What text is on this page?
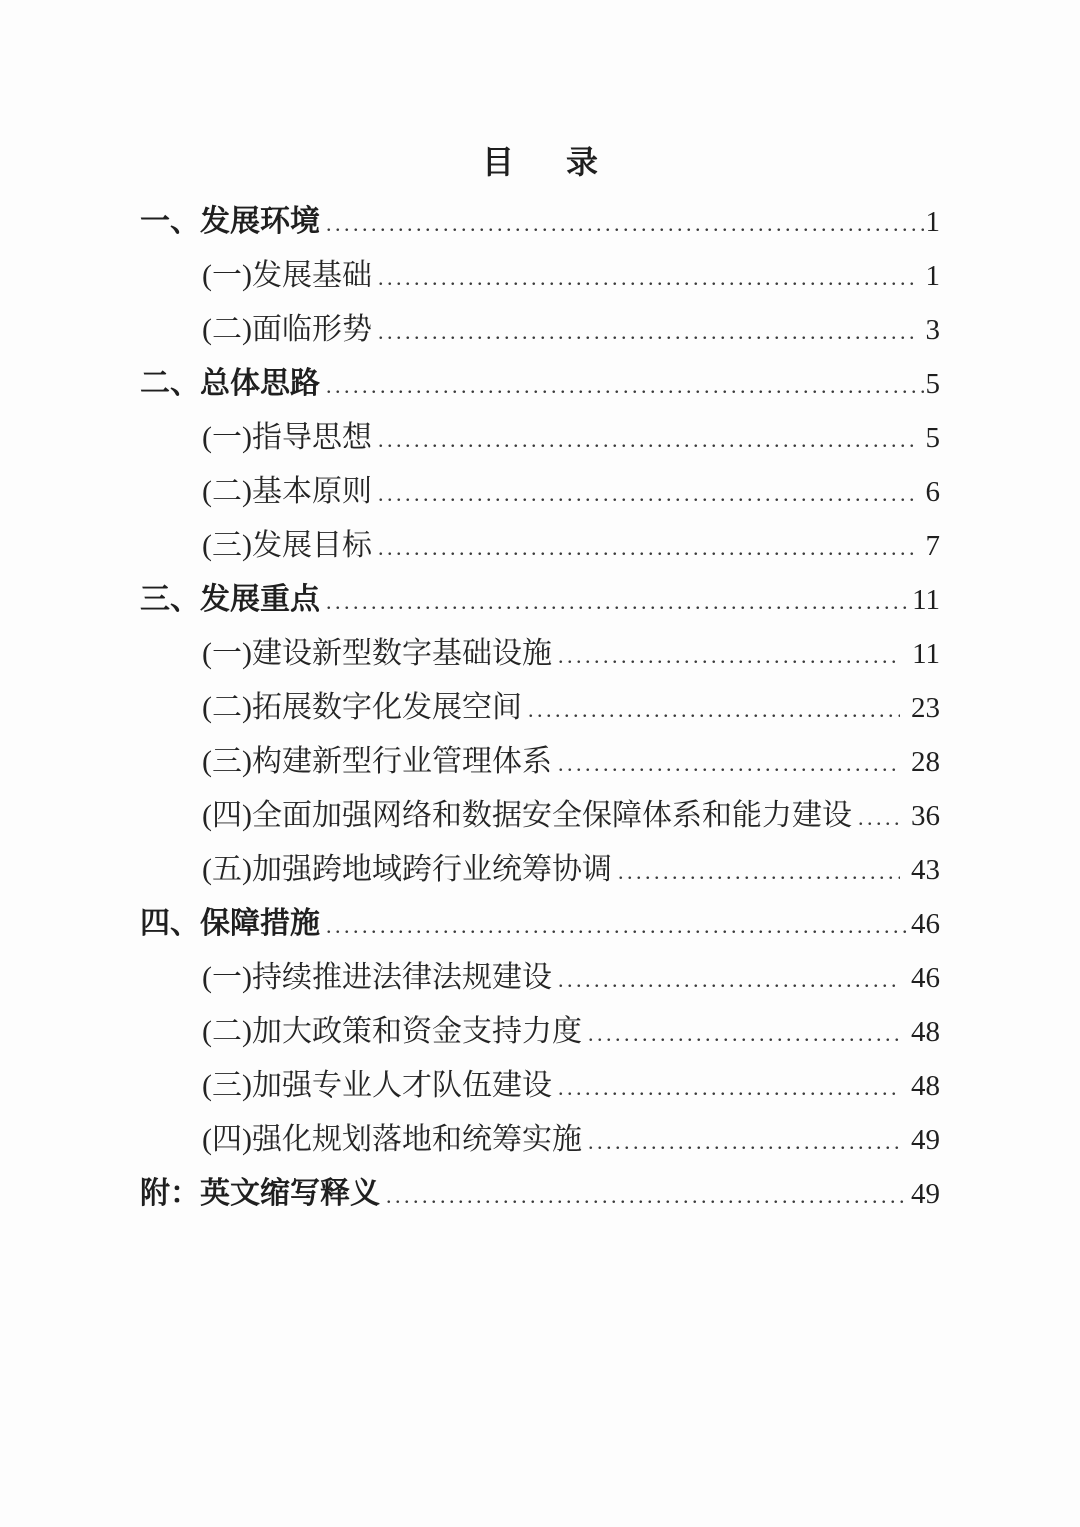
目　录
一、发展环境 . . .	1
(一)发展基础 . . .	1
(二)面临形势 . . .	3
二、总体思路 . . .	5
(一)指导思想 . . .	5
(二)基本原则 . . .	6
(三)发展目标 . . .	7
三、发展重点 . . .	11
(一)建设新型数字基础设施 . . .	11
(二)拓展数字化发展空间 . . .	23
(三)构建新型行业管理体系 . . .	28
(四)全面加强网络和数据安全保障体系和能力建设 . . . 36
(五)加强跨地域跨行业统筹协调 . . .	43
四、保障措施 . . .	46
(一)持续推进法律法规建设 . . .	46
(二)加大政策和资金支持力度 . . .	48
(三)加强专业人才队伍建设 . . .	48
(四)强化规划落地和统筹实施 . . .	49
附：英文缩写释义 . . .	49
